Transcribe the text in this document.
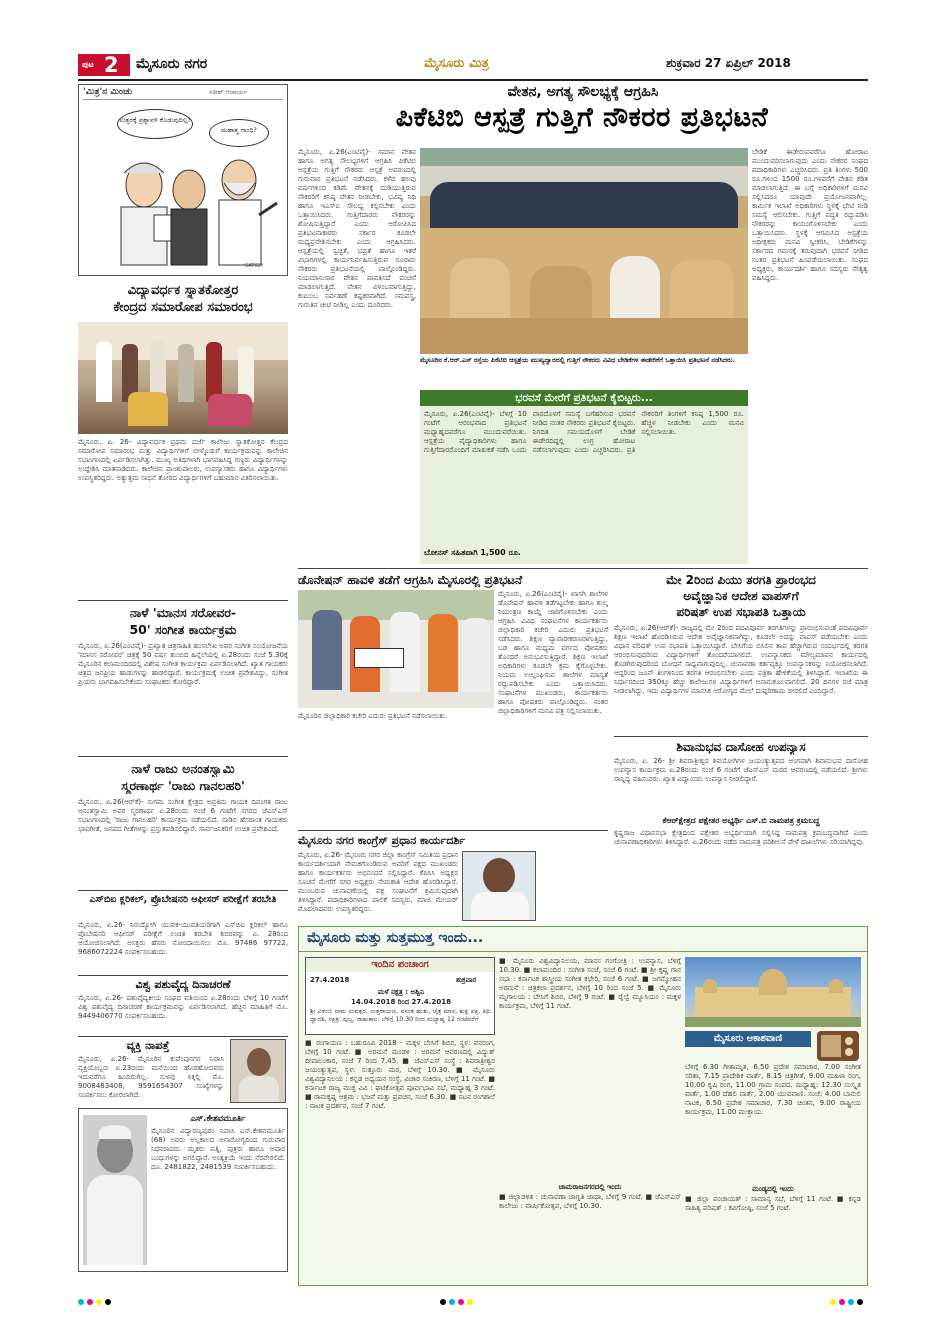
ಪುಟ 2 ಮೈಸೂರು ನಗರ	ಮೈಸೂರು ಮಿತ್ರ	ಶುಕ್ರವಾರ 27 ಏಪ್ರಿಲ್ 2018
'ಮಿತ್ರ'ನ ಮಿಂಚು	ಸತೀಶ್ ಆಚಾರ್ಯ
ಉತ್ತರಕ್ಕೆ ಪ್ರಶ್ನಾವಳಿ ಕೊಡುವುದಿಲ್ಲ!
ಮಹಾತ್ಮ ಗಾಂಧಿ?
SATISH
ವಿದ್ಯಾವರ್ಧಕ ಸ್ನಾತಕೋತ್ತರ
ಕೇಂದ್ರದ ಸಮಾರೋಪ ಸಮಾರಂಭ
ಮೈಸೂರು, ಏ. 26- ವಿದ್ಯಾವರ್ಧಕ ಪ್ರಥಮ ದರ್ಜೆ ಕಾಲೇಜು ಸ್ನಾತಕೋತ್ತರ ಕೇಂದ್ರದ ಸಮಾರೋಪ ಸಮಾರಂಭ ಮತ್ತು ವಿದ್ಯಾರ್ಥಿಗಳಿಗೆ ಬೀಳ್ಕೊಡುಗೆ ಕಾರ್ಯಕ್ರಮವನ್ನು ಕಾಲೇಜಿನ ಸಭಾಂಗಣದಲ್ಲಿ ಏರ್ಪಡಿಸಲಾಗಿತ್ತು. ಮುಖ್ಯ ಅತಿಥಿಗಳಾಗಿ ಭಾಗವಹಿಸಿದ್ದ ಗಣ್ಯರು ವಿದ್ಯಾರ್ಥಿಗಳನ್ನು ಉದ್ದೇಶಿಸಿ ಮಾತನಾಡಿದರು. ಕಾಲೇಜಿನ ಪ್ರಾಂಶುಪಾಲರು, ಉಪನ್ಯಾಸಕರು ಹಾಗೂ ವಿದ್ಯಾರ್ಥಿಗಳು ಉಪಸ್ಥಿತರಿದ್ದರು. ಅತ್ಯುತ್ತಮ ಸಾಧನೆ ತೋರಿದ ವಿದ್ಯಾರ್ಥಿಗಳಿಗೆ ಬಹುಮಾನ ವಿತರಿಸಲಾಯಿತು.
ನಾಳೆ 'ಮಾನಸ ಸರೋವರ-
50' ಸಂಗೀತ ಕಾರ್ಯಕ್ರಮ
ಮೈಸೂರು, ಏ.26(ಎಂಟಿವೈ)- ಪ್ರಖ್ಯಾತ ಚಿತ್ರಸಾಹಿತಿ ಹಂಸಲೇಖ ಅವರ ಸಂಗೀತ ಸಂಯೋಜನೆಯ 'ಮಾನಸ ಸರೋವರ' ಚಿತ್ರಕ್ಕೆ 50 ವರ್ಷ ತುಂಬಿದ ಹಿನ್ನೆಲೆಯಲ್ಲಿ ಏ.28ರಂದು ಸಂಜೆ 5.30ಕ್ಕೆ ಮೈಸೂರಿನ ಕಲಾಮಂದಿರದಲ್ಲಿ ವಿಶೇಷ ಸಂಗೀತ ಕಾರ್ಯಕ್ರಮ ಏರ್ಪಡಿಸಲಾಗಿದೆ. ಖ್ಯಾತ ಗಾಯಕರು ಚಿತ್ರದ ಜನಪ್ರಿಯ ಹಾಡುಗಳನ್ನು ಹಾಡಲಿದ್ದಾರೆ. ಕಾರ್ಯಕ್ರಮಕ್ಕೆ ಉಚಿತ ಪ್ರವೇಶವಿದ್ದು, ಸಂಗೀತ ಪ್ರಿಯರು ಭಾಗವಹಿಸಬೇಕೆಂದು ಸಂಘಟಕರು ಕೋರಿದ್ದಾರೆ.
ನಾಳೆ ರಾಜು ಅನಂತಸ್ವಾಮಿ
ಸ್ಮರಣಾರ್ಥ 'ರಾಜು ಗಾನಲಹರಿ'
ಮೈಸೂರು, ಏ.26(ಆರ್‌ಕೆ)- ಸುಗಮ ಸಂಗೀತ ಕ್ಷೇತ್ರದ ಅಪ್ರತಿಮ ಗಾಯಕ ದಿವಂಗತ ರಾಜು ಅನಂತಸ್ವಾಮಿ ಅವರ ಸ್ಮರಣಾರ್ಥ ಏ.28ರಂದು ಸಂಜೆ 6 ಗಂಟೆಗೆ ನಗರದ ಜೆಎಸ್‌ಎಸ್ ಸಭಾಂಗಣದಲ್ಲಿ 'ರಾಜು ಗಾನಲಹರಿ' ಕಾರ್ಯಕ್ರಮ ನಡೆಯಲಿದೆ. ನಾಡಿನ ಹೆಸರಾಂತ ಗಾಯಕರು ಭಾವಗೀತೆ, ಜನಪದ ಗೀತೆಗಳನ್ನು ಪ್ರಸ್ತುತಪಡಿಸಲಿದ್ದಾರೆ. ಸಾರ್ವಜನಿಕರಿಗೆ ಉಚಿತ ಪ್ರವೇಶವಿದೆ.
ಎಸ್‌ಬಿಐ ಕ್ಲರಿಕಲ್, ಪ್ರೊಬೇಷನರಿ ಆಫೀಸರ್ ಪರೀಕ್ಷೆಗೆ ತರಬೇತಿ
ಮೈಸೂರು, ಏ.26- ನಿರುದ್ಯೋಗಿ ಯುವಕ-ಯುವತಿಯರಿಗಾಗಿ ಎಸ್‌ಬಿಐ ಕ್ಲರಿಕಲ್ ಹಾಗೂ ಪ್ರೊಬೇಷನರಿ ಆಫೀಸರ್ ಪರೀಕ್ಷೆಗೆ ಉಚಿತ ತರಬೇತಿ ಶಿಬಿರವನ್ನು ಏ. 28ರಿಂದ ಆಯೋಜಿಸಲಾಗಿದೆ. ಆಸಕ್ತರು ಹೆಸರು ನೋಂದಾಯಿಸಲು ಮೊ. 97486 97722, 9686072224 ಸಂಪರ್ಕಿಸಬಹುದು.
ವಿಶ್ವ ಪಶುವೈದ್ಯ ದಿನಾಚರಣೆ
ಮೈಸೂರು, ಏ.26- ಪಶುವೈದ್ಯಕೀಯ ಸಂಘದ ವತಿಯಿಂದ ಏ.28ರಂದು ಬೆಳಿಗ್ಗೆ 10 ಗಂಟೆಗೆ ವಿಶ್ವ ಪಶುವೈದ್ಯ ದಿನಾಚರಣೆ ಕಾರ್ಯಕ್ರಮವನ್ನು ಏರ್ಪಡಿಸಲಾಗಿದೆ. ಹೆಚ್ಚಿನ ಮಾಹಿತಿಗೆ ಮೊ. 9449406770 ಸಂಪರ್ಕಿಸಬಹುದು.
ವ್ಯಕ್ತಿ ನಾಪತ್ತೆ
ಮೈಸೂರು, ಏ.26- ಮೈಸೂರಿನ ಕುವೆಂಪುನಗರ ನಿವಾಸಿ ವ್ಯಕ್ತಿಯೊಬ್ಬರು ಏ.23ರಂದು ಮನೆಯಿಂದ ಹೊರಹೋದವರು ಇದುವರೆಗೂ ಹಿಂದಿರುಗಿಲ್ಲ. ಸುಳಿವು ಸಿಕ್ಕಲ್ಲಿ ಮೊ. 9008483408, 9591654307 ಸಂಖ್ಯೆಗಳನ್ನು ಸಂಪರ್ಕಿಸಲು ಕೋರಲಾಗಿದೆ.
ಎಸ್.ಕೇಶವಮೂರ್ತಿ
ಮೈಸೂರಿನ ವಿದ್ಯಾರಣ್ಯಪುರಂ ನಿವಾಸಿ ಎಸ್.ಕೇಶವಮೂರ್ತಿ (68) ಅವರು ಅಲ್ಪಕಾಲದ ಅನಾರೋಗ್ಯದಿಂದ ಗುರುವಾರ ನಿಧನರಾದರು. ಮೃತರು ಪತ್ನಿ, ಪುತ್ರರು ಹಾಗೂ ಅಪಾರ ಬಂಧುಗಳನ್ನು ಅಗಲಿದ್ದಾರೆ. ಅಂತ್ಯಕ್ರಿಯೆ ಇಂದು ನೆರವೇರಲಿದೆ. ದೂ. 2481822, 2481539 ಸಂಪರ್ಕಿಸಬಹುದು.
ವೇತನ, ಅಗತ್ಯ ಸೌಲಭ್ಯಕ್ಕೆ ಆಗ್ರಹಿಸಿ
ಪಿಕೆಟಿಬಿ ಆಸ್ಪತ್ರೆ ಗುತ್ತಿಗೆ ನೌಕರರ ಪ್ರತಿಭಟನೆ
ಮೈಸೂರು, ಏ.26(ಎಂಟಿವೈ)- ಸಮಾನ ವೇತನ ಹಾಗೂ ಅಗತ್ಯ ಸೌಲಭ್ಯಗಳಿಗೆ ಆಗ್ರಹಿಸಿ ಪಿಕೆಟಿಬಿ ಆಸ್ಪತ್ರೆಯ ಗುತ್ತಿಗೆ ನೌಕರರು ಆಸ್ಪತ್ರೆ ಆವರಣದಲ್ಲಿ ಗುರುವಾರ ಪ್ರತಿಭಟನೆ ನಡೆಸಿದರು. ಕಳೆದ ಹಲವು ವರ್ಷಗಳಿಂದ ಕಡಿಮೆ ವೇತನಕ್ಕೆ ದುಡಿಯುತ್ತಿರುವ ನೌಕರರಿಗೆ ಕನಿಷ್ಠ ವೇತನ ನೀಡಬೇಕು, ಭವಿಷ್ಯ ನಿಧಿ ಹಾಗೂ ಇಎಸ್‌ಐ ಸೌಲಭ್ಯ ಕಲ್ಪಿಸಬೇಕು ಎಂದು ಒತ್ತಾಯಿಸಿದರು. ಗುತ್ತಿಗೆದಾರರು ನೌಕರರನ್ನು ಶೋಷಿಸುತ್ತಿದ್ದಾರೆ ಎಂದು ಆರೋಪಿಸಿದ ಪ್ರತಿಭಟನಾಕಾರರು ಸರ್ಕಾರ ಕೂಡಲೇ ಮಧ್ಯಪ್ರವೇಶಿಸಬೇಕು ಎಂದು ಆಗ್ರಹಿಸಿದರು. ಆಸ್ಪತ್ರೆಯಲ್ಲಿ ಸ್ವಚ್ಛತೆ, ಭದ್ರತೆ ಹಾಗೂ ಇತರೆ ವಿಭಾಗಗಳಲ್ಲಿ ಕಾರ್ಯನಿರ್ವಹಿಸುತ್ತಿರುವ ನೂರಾರು ನೌಕರರು ಪ್ರತಿಭಟನೆಯಲ್ಲಿ ಪಾಲ್ಗೊಂಡಿದ್ದರು. ನಿಯಮಾನುಸಾರ ವೇತನ ಪಾವತಿಸದೆ ವಂಚನೆ ಮಾಡಲಾಗುತ್ತಿದೆ. ವೇತನ ವಿಳಂಬವಾಗುತ್ತಿದ್ದು, ಕುಟುಂಬ ನಿರ್ವಹಣೆ ಕಷ್ಟಕರವಾಗಿದೆ. ಸಮವಸ್ತ್ರ, ಗುರುತಿನ ಚೀಟಿ ನೀಡಿಲ್ಲ ಎಂದು ದೂರಿದರು.
ಮೈಸೂರಿನ ಕೆ.ಆರ್.ಎಸ್ ರಸ್ತೆಯ ಪಿಕೆಟಿಬಿ ಆಸ್ಪತ್ರೆಯ ಮುಖ್ಯದ್ವಾರದಲ್ಲಿ ಗುತ್ತಿಗೆ ನೌಕರರು ವಿವಿಧ ಬೇಡಿಕೆಗಳ ಈಡೇರಿಕೆಗೆ ಒತ್ತಾಯಿಸಿ ಪ್ರತಿಭಟನೆ ನಡೆಸಿದರು.
ಬೇಡಿಕೆ ಈಡೇರುವವರೆಗೂ ಹೋರಾಟ ಮುಂದುವರಿಸಲಾಗುವುದು ಎಂದು ನೌಕರರ ಸಂಘದ ಪದಾಧಿಕಾರಿಗಳು ಎಚ್ಚರಿಸಿದರು. ಪ್ರತಿ ತಿಂಗಳು 500 ರೂ.ಗಳಿಂದ 1500 ರೂ.ಗಳವರೆಗೆ ವೇತನ ಕಡಿತ ಮಾಡಲಾಗುತ್ತಿದೆ. ಈ ಬಗ್ಗೆ ಅಧಿಕಾರಿಗಳಿಗೆ ಮನವಿ ಸಲ್ಲಿಸಿದರೂ ಯಾವುದೇ ಪ್ರಯೋಜನವಾಗಿಲ್ಲ. ಕಾರ್ಮಿಕ ಇಲಾಖೆ ಅಧಿಕಾರಿಗಳು ಸ್ಥಳಕ್ಕೆ ಭೇಟಿ ನೀಡಿ ಸಮಸ್ಯೆ ಆಲಿಸಬೇಕು. ಗುತ್ತಿಗೆ ಪದ್ಧತಿ ರದ್ದುಪಡಿಸಿ ನೌಕರರನ್ನು ಕಾಯಂಗೊಳಿಸಬೇಕು ಎಂದು ಒತ್ತಾಯಿಸಿದರು. ಸ್ಥಳಕ್ಕೆ ಆಗಮಿಸಿದ ಆಸ್ಪತ್ರೆಯ ಅಧೀಕ್ಷಕರು ಮನವಿ ಸ್ವೀಕರಿಸಿ, ಬೇಡಿಕೆಗಳನ್ನು ಸರ್ಕಾರದ ಗಮನಕ್ಕೆ ತರುವುದಾಗಿ ಭರವಸೆ ನೀಡಿದ ನಂತರ ಪ್ರತಿಭಟನೆ ಹಿಂಪಡೆಯಲಾಯಿತು. ಸಂಘದ ಅಧ್ಯಕ್ಷರು, ಕಾರ್ಯದರ್ಶಿ ಹಾಗೂ ಸದಸ್ಯರು ನೇತೃತ್ವ ವಹಿಸಿದ್ದರು.
ಭರವಸೆ ಮೇರೆಗೆ ಪ್ರತಿಭಟನೆ ಕೈಬಿಟ್ಟರು...
ಮೈಸೂರು, ಏ.26(ಎಂಟಿವೈ)- ಬೆಳಿಗ್ಗೆ 10 ಗಂಟೆಗೆ ಆರಂಭವಾದ ಪ್ರತಿಭಟನೆ ಮಧ್ಯಾಹ್ನದವರೆಗೂ ಮುಂದುವರೆಯಿತು. ಆಸ್ಪತ್ರೆಯ ವೈದ್ಯಾಧಿಕಾರಿಗಳು ಹಾಗೂ ಗುತ್ತಿಗೆದಾರರೊಂದಿಗೆ ಮಾತುಕತೆ ನಡೆಸಿ ಒಂದು ವಾರದೊಳಗೆ ಸಮಸ್ಯೆ ಬಗೆಹರಿಸುವ ಭರವಸೆ ನೀಡಿದ ನಂತರ ನೌಕರರು ಪ್ರತಿಭಟನೆ ಕೈಬಿಟ್ಟರು. ನಿಗದಿತ ಸಮಯದೊಳಗೆ ಬೇಡಿಕೆ ಈಡೇರದಿದ್ದಲ್ಲಿ ಉಗ್ರ ಹೋರಾಟ ನಡೆಸಲಾಗುವುದು ಎಂದು ಎಚ್ಚರಿಸಿದರು. ಪ್ರತಿ ನೌಕರರಿಗೆ ತಿಂಗಳಿಗೆ ಕನಿಷ್ಠ 1,500 ರೂ. ಹೆಚ್ಚಳ ನೀಡಬೇಕು ಎಂದು ಮನವಿ ಸಲ್ಲಿಸಲಾಯಿತು.
ಬೋನಸ್ ಸಹಿತವಾಗಿ 1,500 ರೂ.
ಡೊನೇಷನ್ ಹಾವಳಿ ತಡೆಗೆ ಆಗ್ರಹಿಸಿ ಮೈಸೂರಲ್ಲಿ ಪ್ರತಿಭಟನೆ
ಮೈಸೂರು, ಏ.26(ಎಂಟಿವೈ)- ಖಾಸಗಿ ಶಾಲೆಗಳ ಡೊನೇಷನ್ ಹಾವಳಿ ತಡೆಗಟ್ಟಬೇಕು ಹಾಗೂ ಶುಲ್ಕ ನಿಯಂತ್ರಣ ಕಾಯ್ದೆ ಜಾರಿಗೊಳಿಸಬೇಕು ಎಂದು ಆಗ್ರಹಿಸಿ ವಿವಿಧ ಸಂಘಟನೆಗಳ ಕಾರ್ಯಕರ್ತರು ಜಿಲ್ಲಾಧಿಕಾರಿ ಕಚೇರಿ ಎದುರು ಪ್ರತಿಭಟನೆ ನಡೆಸಿದರು. ಶಿಕ್ಷಣ ವ್ಯಾಪಾರೀಕರಣವಾಗುತ್ತಿದ್ದು, ಬಡ ಹಾಗೂ ಮಧ್ಯಮ ವರ್ಗದ ಪೋಷಕರು ತೊಂದರೆ ಅನುಭವಿಸುತ್ತಿದ್ದಾರೆ. ಶಿಕ್ಷಣ ಇಲಾಖೆ ಅಧಿಕಾರಿಗಳು ಕೂಡಲೇ ಕ್ರಮ ಕೈಗೊಳ್ಳಬೇಕು. ನಿಯಮ ಉಲ್ಲಂಘಿಸುವ ಶಾಲೆಗಳ ಮಾನ್ಯತೆ ರದ್ದುಪಡಿಸಬೇಕು ಎಂದು ಒತ್ತಾಯಿಸಿದರು. ಸಂಘಟನೆಗಳ ಮುಖಂಡರು, ಕಾರ್ಯಕರ್ತರು ಹಾಗೂ ಪೋಷಕರು ಪಾಲ್ಗೊಂಡಿದ್ದರು. ನಂತರ ಜಿಲ್ಲಾಧಿಕಾರಿಗಳಿಗೆ ಮನವಿ ಪತ್ರ ಸಲ್ಲಿಸಲಾಯಿತು.
ಮೈಸೂರಿನ ಜಿಲ್ಲಾಧಿಕಾರಿ ಕಚೇರಿ ಎದುರು ಪ್ರತಿಭಟನೆ ನಡೆಸಲಾಯಿತು.
ಮೈಸೂರು ನಗರ ಕಾಂಗ್ರೆಸ್ ಪ್ರಧಾನ ಕಾರ್ಯದರ್ಶಿ
ಮೈಸೂರು, ಏ.26- ಮೈಸೂರು ನಗರ ಜಿಲ್ಲಾ ಕಾಂಗ್ರೆಸ್ ಸಮಿತಿಯ ಪ್ರಧಾನ ಕಾರ್ಯದರ್ಶಿಯಾಗಿ ನೇಮಕಗೊಂಡಿರುವ ಅವರಿಗೆ ಪಕ್ಷದ ಮುಖಂಡರು ಹಾಗೂ ಕಾರ್ಯಕರ್ತರು ಅಭಿನಂದನೆ ಸಲ್ಲಿಸಿದ್ದಾರೆ. ಕೆಪಿಸಿಸಿ ಅಧ್ಯಕ್ಷರ ಸೂಚನೆ ಮೇರೆಗೆ ನಗರ ಅಧ್ಯಕ್ಷರು ನೇಮಕಾತಿ ಆದೇಶ ಹೊರಡಿಸಿದ್ದಾರೆ. ಮುಂಬರುವ ಚುನಾವಣೆಯಲ್ಲಿ ಪಕ್ಷ ಸಂಘಟನೆಗೆ ಶ್ರಮಿಸುವುದಾಗಿ ತಿಳಿಸಿದ್ದಾರೆ. ಪದಾಧಿಕಾರಿಗಳಾದ ಪಾಲಿಕೆ ಸದಸ್ಯರು, ಮಾಜಿ ಮೇಯರ್ ಮೊದಲಾದವರು ಉಪಸ್ಥಿತರಿದ್ದರು.
ಮೇ 2ರಿಂದ ಪಿಯು ತರಗತಿ ಪ್ರಾರಂಭದ
ಅವೈಜ್ಞಾನಿಕ ಆದೇಶ ವಾಪಸ್‌ಗೆ
ಪರಿಷತ್ ಉಪ ಸಭಾಪತಿ ಒತ್ತಾಯ
ಮೈಸೂರು, ಏ.26(ಆರ್‌ಕೆ)- ರಾಜ್ಯದಲ್ಲಿ ಮೇ 2ರಿಂದ ಪದವಿಪೂರ್ವ ತರಗತಿಗಳನ್ನು ಪ್ರಾರಂಭಿಸುವಂತೆ ಪದವಿಪೂರ್ವ ಶಿಕ್ಷಣ ಇಲಾಖೆ ಹೊರಡಿಸಿರುವ ಆದೇಶ ಅವೈಜ್ಞಾನಿಕವಾಗಿದ್ದು, ಕೂಡಲೇ ಅದನ್ನು ವಾಪಸ್ ಪಡೆಯಬೇಕು ಎಂದು ವಿಧಾನ ಪರಿಷತ್ ಉಪ ಸಭಾಪತಿ ಒತ್ತಾಯಿಸಿದ್ದಾರೆ. ಬೇಸಿಗೆಯ ಬಿಸಿಲಿನ ತಾಪ ಹೆಚ್ಚಾಗಿರುವ ಸಂದರ್ಭದಲ್ಲಿ ತರಗತಿ ಆರಂಭಿಸುವುದರಿಂದ ವಿದ್ಯಾರ್ಥಿಗಳಿಗೆ ತೊಂದರೆಯಾಗಲಿದೆ. ಉಪನ್ಯಾಸಕರು ಮೌಲ್ಯಮಾಪನ ಕಾರ್ಯದಲ್ಲಿ ತೊಡಗಿರುವುದರಿಂದ ಬೋಧನೆ ಸಾಧ್ಯವಾಗುವುದಿಲ್ಲ. ಚುನಾವಣಾ ಕರ್ತವ್ಯಕ್ಕೂ ಉಪನ್ಯಾಸಕರನ್ನು ನಿಯೋಜಿಸಲಾಗಿದೆ. ಆದ್ದರಿಂದ ಜೂನ್ ತಿಂಗಳಿನಿಂದ ತರಗತಿ ಆರಂಭಿಸಬೇಕು ಎಂದು ಪತ್ರಿಕಾ ಹೇಳಿಕೆಯಲ್ಲಿ ತಿಳಿಸಿದ್ದಾರೆ. ಇಲಾಖೆಯ ಈ ನಿರ್ಧಾರದಿಂದ 350ಕ್ಕೂ ಹೆಚ್ಚು ಕಾಲೇಜುಗಳ ವಿದ್ಯಾರ್ಥಿಗಳಿಗೆ ಅನಾನುಕೂಲವಾಗಲಿದೆ. 20 ದಿನಗಳ ರಜೆ ಮಾತ್ರ ನೀಡಲಾಗಿದ್ದು, ಇದು ವಿದ್ಯಾರ್ಥಿಗಳ ಮಾನಸಿಕ ಆರೋಗ್ಯದ ಮೇಲೆ ದುಷ್ಪರಿಣಾಮ ಬೀರಲಿದೆ ಎಂದಿದ್ದಾರೆ.
ಶಿವಾನುಭವ ದಾಸೋಹ ಉಪನ್ಯಾಸ
ಮೈಸೂರು, ಏ. 26- ಶ್ರೀ ಶಿವರಾತ್ರೀಶ್ವರ ಶಿವಯೋಗಿಗಳ ಜಯಂತ್ಯುತ್ಸವದ ಅಂಗವಾಗಿ ಶಿವಾನುಭವ ದಾಸೋಹ ಉಪನ್ಯಾಸ ಕಾರ್ಯಕ್ರಮ ಏ.28ರಂದು ಸಂಜೆ 6 ಗಂಟೆಗೆ ಜೆಎಸ್‌ಎಸ್ ಮಠದ ಆವರಣದಲ್ಲಿ ನಡೆಯಲಿದೆ. ಶ್ರೀಗಳು ಸಾನ್ನಿಧ್ಯ ವಹಿಸುವರು. ಖ್ಯಾತ ವಿದ್ವಾಂಸರು ಉಪನ್ಯಾಸ ನೀಡಲಿದ್ದಾರೆ.
ಕೆಆರ್‌ಕ್ಷೇತ್ರದ ಪಕ್ಷೇತರ ಅಭ್ಯರ್ಥಿ ಎಸ್.ಬಿ ನಾಮಪತ್ರ ಕ್ರಮಬದ್ಧ
ಕೃಷ್ಣರಾಜ ವಿಧಾನಸಭಾ ಕ್ಷೇತ್ರದಿಂದ ಪಕ್ಷೇತರ ಅಭ್ಯರ್ಥಿಯಾಗಿ ಸಲ್ಲಿಸಿದ್ದ ನಾಮಪತ್ರ ಕ್ರಮಬದ್ಧವಾಗಿದೆ ಎಂದು ಚುನಾವಣಾಧಿಕಾರಿಗಳು ತಿಳಿಸಿದ್ದಾರೆ. ಏ.26ರಂದು ನಡೆದ ನಾಮಪತ್ರ ಪರಿಶೀಲನೆ ವೇಳೆ ದಾಖಲೆಗಳು ಸರಿಯಾಗಿದ್ದವು.
ಮೈಸೂರು ಮತ್ತು ಸುತ್ತಮುತ್ತ ಇಂದು...
ಇಂದಿನ ಪಂಚಾಂಗ
27.4.2018	ಶುಕ್ರವಾರ
ಮಳೆ ನಕ್ಷತ್ರ : ಅಶ್ವಿನಿ
14.04.2018 ರಿಂದ 27.4.2018
ಶ್ರೀ ವಿಳಂಬಿ ನಾಮ ಸಂವತ್ಸರ, ಉತ್ತರಾಯಣ, ವಸಂತ ಋತು, ಚೈತ್ರ ಮಾಸ, ಶುಕ್ಲ ಪಕ್ಷ, ತಿಥಿ: ದ್ವಾದಶಿ, ನಕ್ಷತ್ರ: ಪುಬ್ಬ, ರಾಹುಕಾಲ: ಬೆಳಿಗ್ಗೆ 10.30 ರಿಂದ ಮಧ್ಯಾಹ್ನ 12 ಗಂಟೆವರೆಗೆ
■ ರಂಗಾಯಣ : ಬಹುರೂಪಿ 2018 - ಮಕ್ಕಳ ಬೇಸಿಗೆ ಶಿಬಿರ, ಸ್ಥಳ: ವನರಂಗ, ಬೆಳಿಗ್ಗೆ 10 ಗಂಟೆ. ■ ಅರಮನೆ ಮಂಡಳಿ : ಅರಮನೆ ಆವರಣದಲ್ಲಿ ವಿದ್ಯುತ್ ದೀಪಾಲಂಕಾರ, ಸಂಜೆ 7 ರಿಂದ 7.45. ■ ಜೆಎಸ್‌ಎಸ್ ಸಂಸ್ಥೆ : ಶಿವರಾತ್ರೀಶ್ವರ ಜಯಂತ್ಯುತ್ಸವ, ಸ್ಥಳ: ಸುತ್ತೂರು ಮಠ, ಬೆಳಿಗ್ಗೆ 10.30. ■ ಮೈಸೂರು ವಿಶ್ವವಿದ್ಯಾನಿಲಯ : ಕನ್ನಡ ಅಧ್ಯಯನ ಸಂಸ್ಥೆ, ವಿಚಾರ ಸಂಕಿರಣ, ಬೆಳಿಗ್ಗೆ 11 ಗಂಟೆ. ■ ಕರ್ನಾಟಕ ರಾಜ್ಯ ಮುಕ್ತ ವಿವಿ : ಘಟಿಕೋತ್ಸವ ಪೂರ್ವಭಾವಿ ಸಭೆ, ಮಧ್ಯಾಹ್ನ 3 ಗಂಟೆ. ■ ರಾಮಕೃಷ್ಣ ಆಶ್ರಮ : ಭಜನೆ ಮತ್ತು ಪ್ರವಚನ, ಸಂಜೆ 6.30. ■ ನಟನ ರಂಗಶಾಲೆ : ನಾಟಕ ಪ್ರದರ್ಶನ, ಸಂಜೆ 7 ಗಂಟೆ.
■ ಮೈಸೂರು ವಿಶ್ವವಿದ್ಯಾನಿಲಯ, ಮಾನಸ ಗಂಗೋತ್ರಿ : ಉಪನ್ಯಾಸ, ಬೆಳಿಗ್ಗೆ 10.30. ■ ಕಲಾಮಂದಿರ : ಸಂಗೀತ ಸಂಜೆ, ಸಂಜೆ 6 ಗಂಟೆ. ■ ಶ್ರೀ ಕೃಷ್ಣ ಗಾನ ಸಭಾ : ಕರ್ನಾಟಕ ಶಾಸ್ತ್ರೀಯ ಸಂಗೀತ ಕಛೇರಿ, ಸಂಜೆ 6 ಗಂಟೆ. ■ ಜಗನ್ಮೋಹನ ಅರಮನೆ : ಚಿತ್ರಕಲಾ ಪ್ರದರ್ಶನ, ಬೆಳಿಗ್ಗೆ 10 ರಿಂದ ಸಂಜೆ 5. ■ ಮೈಸೂರು ಮೃಗಾಲಯ : ಬೇಸಿಗೆ ಶಿಬಿರ, ಬೆಳಿಗ್ಗೆ 9 ಗಂಟೆ. ■ ರೈಲ್ವೆ ಮ್ಯೂಸಿಯಂ : ಮಕ್ಕಳ ಕಾರ್ಯಕ್ರಮ, ಬೆಳಿಗ್ಗೆ 11 ಗಂಟೆ.
ಚಾಮರಾಜನಗರದಲ್ಲಿ ಇಂದು
■ ಜಿಲ್ಲಾಡಳಿತ : ಚುನಾವಣಾ ಜಾಗೃತಿ ಜಾಥಾ, ಬೆಳಿಗ್ಗೆ 9 ಗಂಟೆ. ■ ಜೆಎಸ್‌ಎಸ್ ಕಾಲೇಜು : ವಾರ್ಷಿಕೋತ್ಸವ, ಬೆಳಿಗ್ಗೆ 10.30.
ಮಂಡ್ಯದಲ್ಲಿ ಇಂದು
■ ಜಿಲ್ಲಾ ಪಂಚಾಯತ್ : ಸಾಮಾನ್ಯ ಸಭೆ, ಬೆಳಿಗ್ಗೆ 11 ಗಂಟೆ. ■ ಕನ್ನಡ ಸಾಹಿತ್ಯ ಪರಿಷತ್ : ಕವಿಗೋಷ್ಠಿ, ಸಂಜೆ 5 ಗಂಟೆ.
ಮೈಸೂರು ಆಕಾಶವಾಣಿ
ಬೆಳಿಗ್ಗೆ 6.30 ಗೀತಾಮೃತ, 6.50 ಪ್ರದೇಶ ಸಮಾಚಾರ, 7.00 ಸಂಗೀತ ಸರಿತಾ, 7.15 ಪ್ರಾದೇಶಿಕ ವಾರ್ತೆ, 8.15 ಚಿತ್ರಗೀತೆ, 9.00 ಮಹಿಳಾ ರಂಗ, 10.00 ಕೃಷಿ ರಂಗ, 11.00 ಗ್ರಾಮ ಸಂಪದ. ಮಧ್ಯಾಹ್ನ: 12.30 ಸಂಸ್ಕೃತ ವಾರ್ತೆ, 1.00 ದೆಹಲಿ ವಾರ್ತೆ, 2.00 ಯುವವಾಣಿ. ಸಂಜೆ: 4.00 ಬಾನುಲಿ ನಾಟಕ, 6.50 ಪ್ರದೇಶ ಸಮಾಚಾರ, 7.30 ಚಿಂತನ, 9.00 ರಾಷ್ಟ್ರೀಯ ಕಾರ್ಯಕ್ರಮ, 11.00 ಮುಕ್ತಾಯ.
